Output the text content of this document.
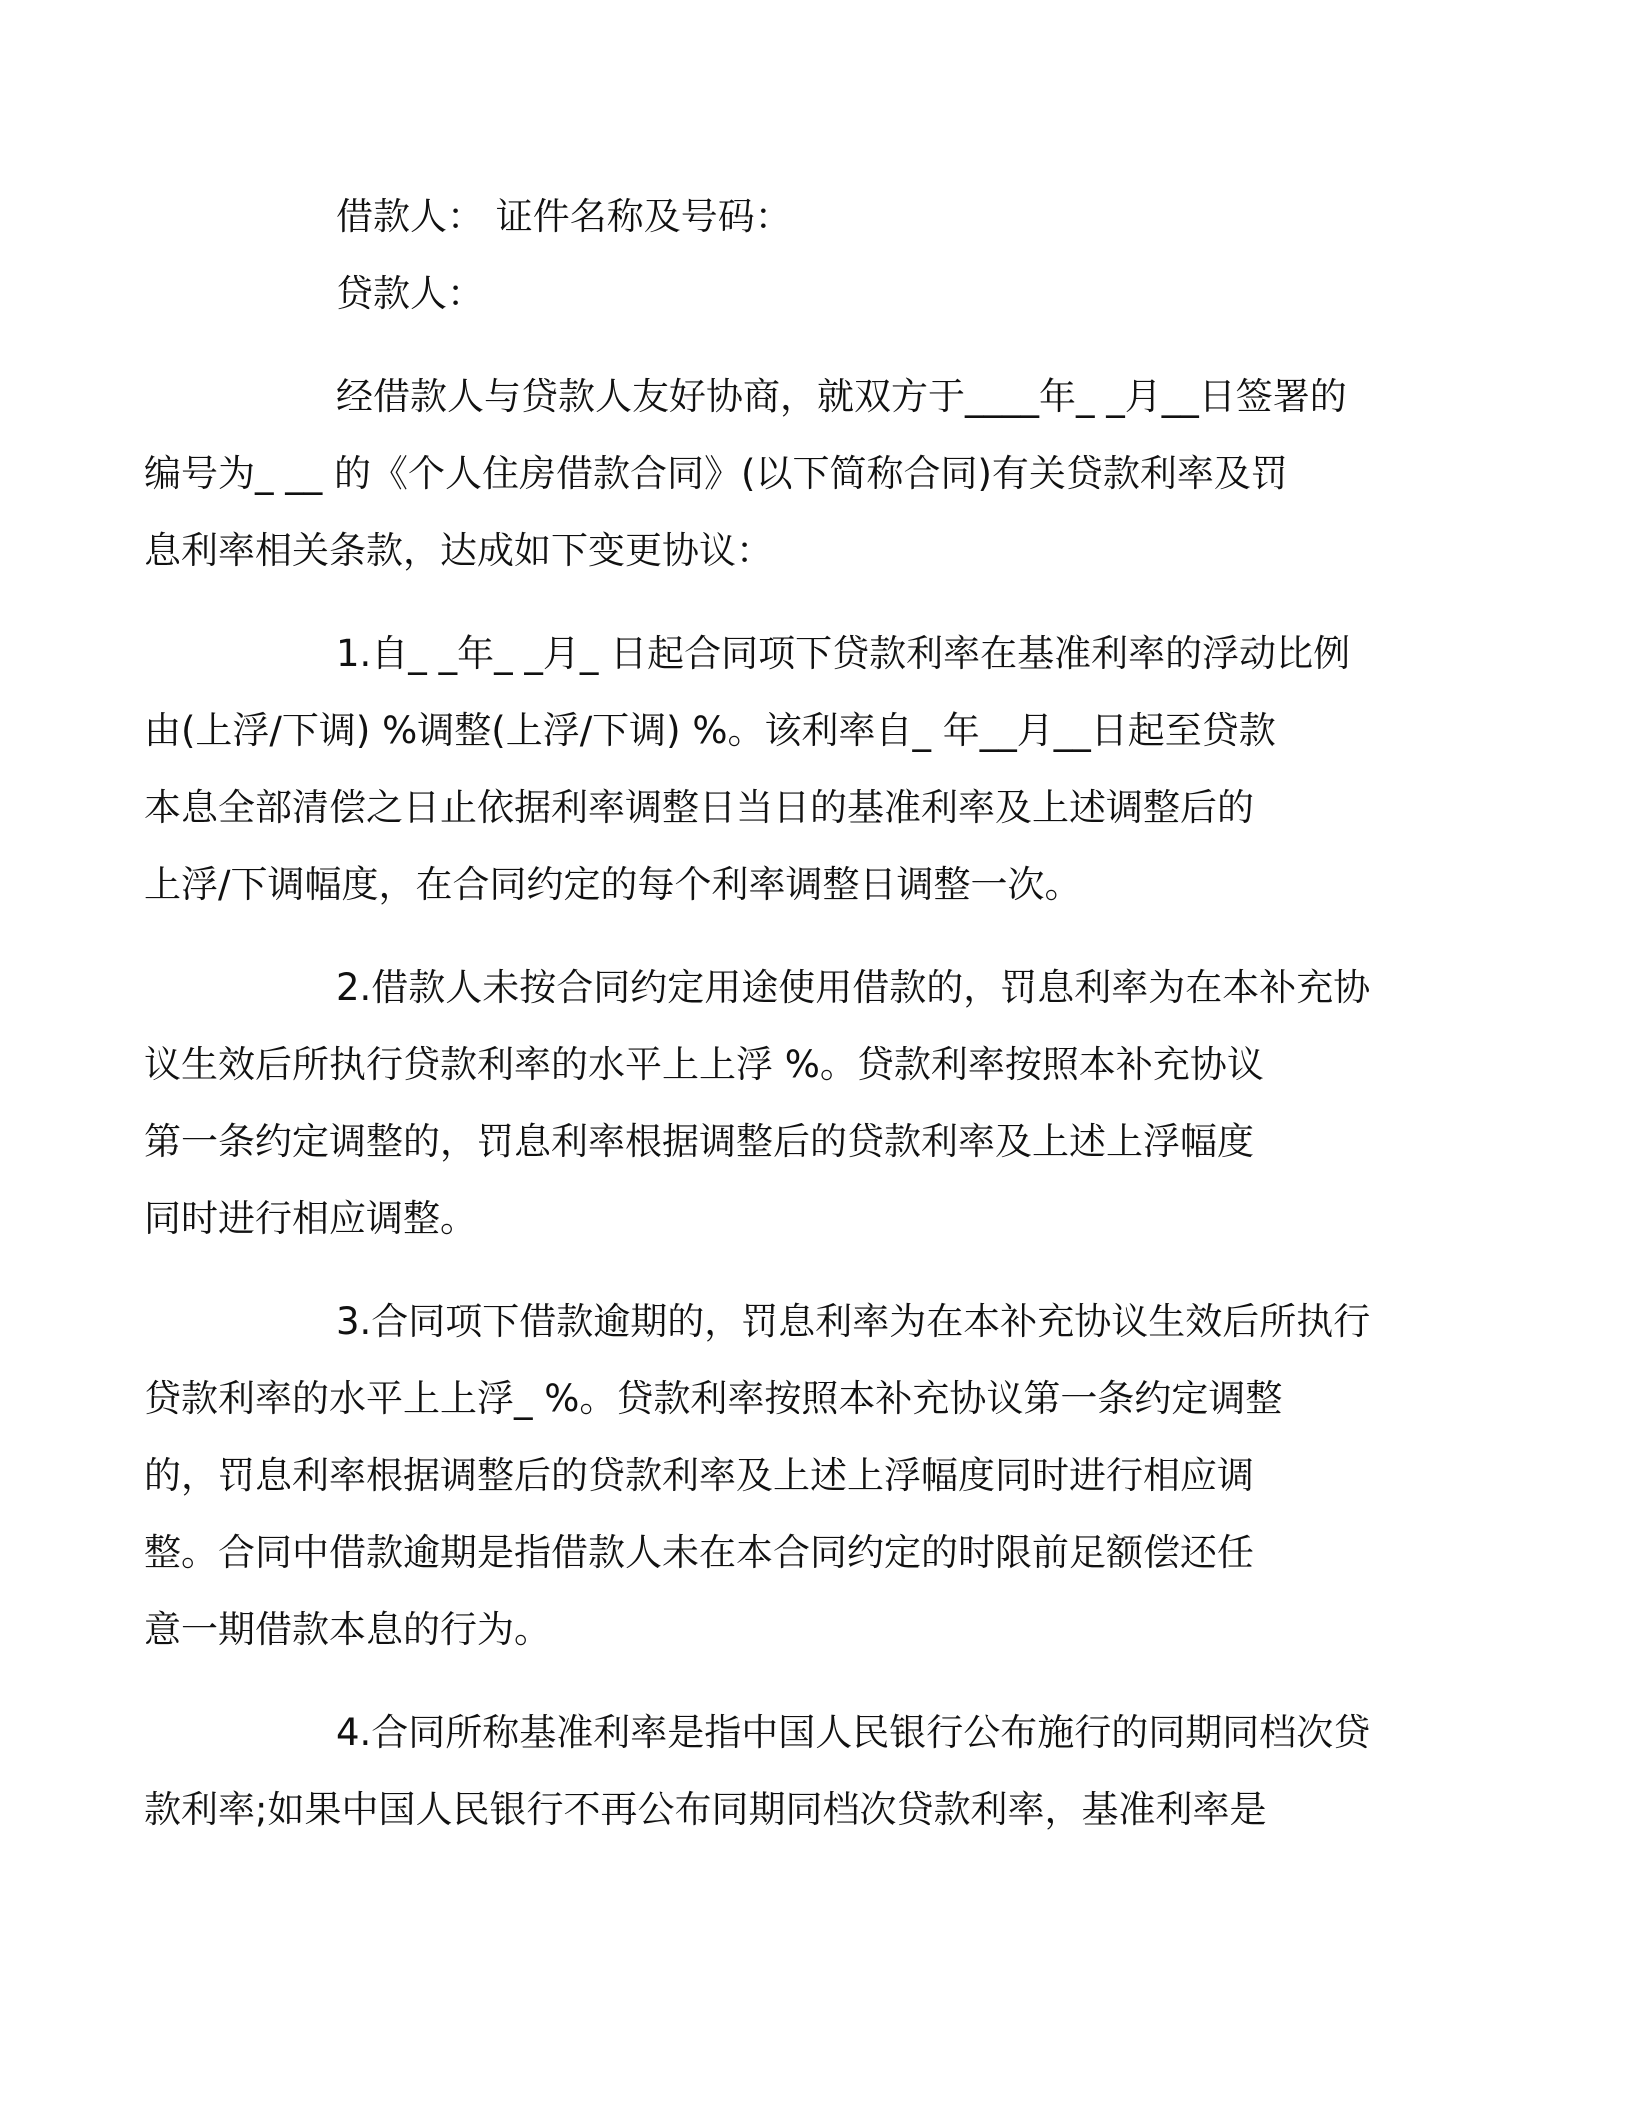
借款人： 证件名称及号码：

贷款人：

经借款人与贷款人友好协商，就双方于____年_ _月__日签署的
编号为_ __ 的《个人住房借款合同》(以下简称合同)有关贷款利率及罚
息利率相关条款，达成如下变更协议：

1.自_ _年_ _月_ 日起合同项下贷款利率在基准利率的浮动比例
由(上浮/下调) %调整(上浮/下调) %。该利率自_ 年__月__日起至贷款
本息全部清偿之日止依据利率调整日当日的基准利率及上述调整后的
上浮/下调幅度，在合同约定的每个利率调整日调整一次。

2.借款人未按合同约定用途使用借款的，罚息利率为在本补充协
议生效后所执行贷款利率的水平上上浮 %。贷款利率按照本补充协议
第一条约定调整的，罚息利率根据调整后的贷款利率及上述上浮幅度
同时进行相应调整。

3.合同项下借款逾期的，罚息利率为在本补充协议生效后所执行
贷款利率的水平上上浮_ %。贷款利率按照本补充协议第一条约定调整
的，罚息利率根据调整后的贷款利率及上述上浮幅度同时进行相应调
整。合同中借款逾期是指借款人未在本合同约定的时限前足额偿还任
意一期借款本息的行为。

4.合同所称基准利率是指中国人民银行公布施行的同期同档次贷
款利率;如果中国人民银行不再公布同期同档次贷款利率，基准利率是
